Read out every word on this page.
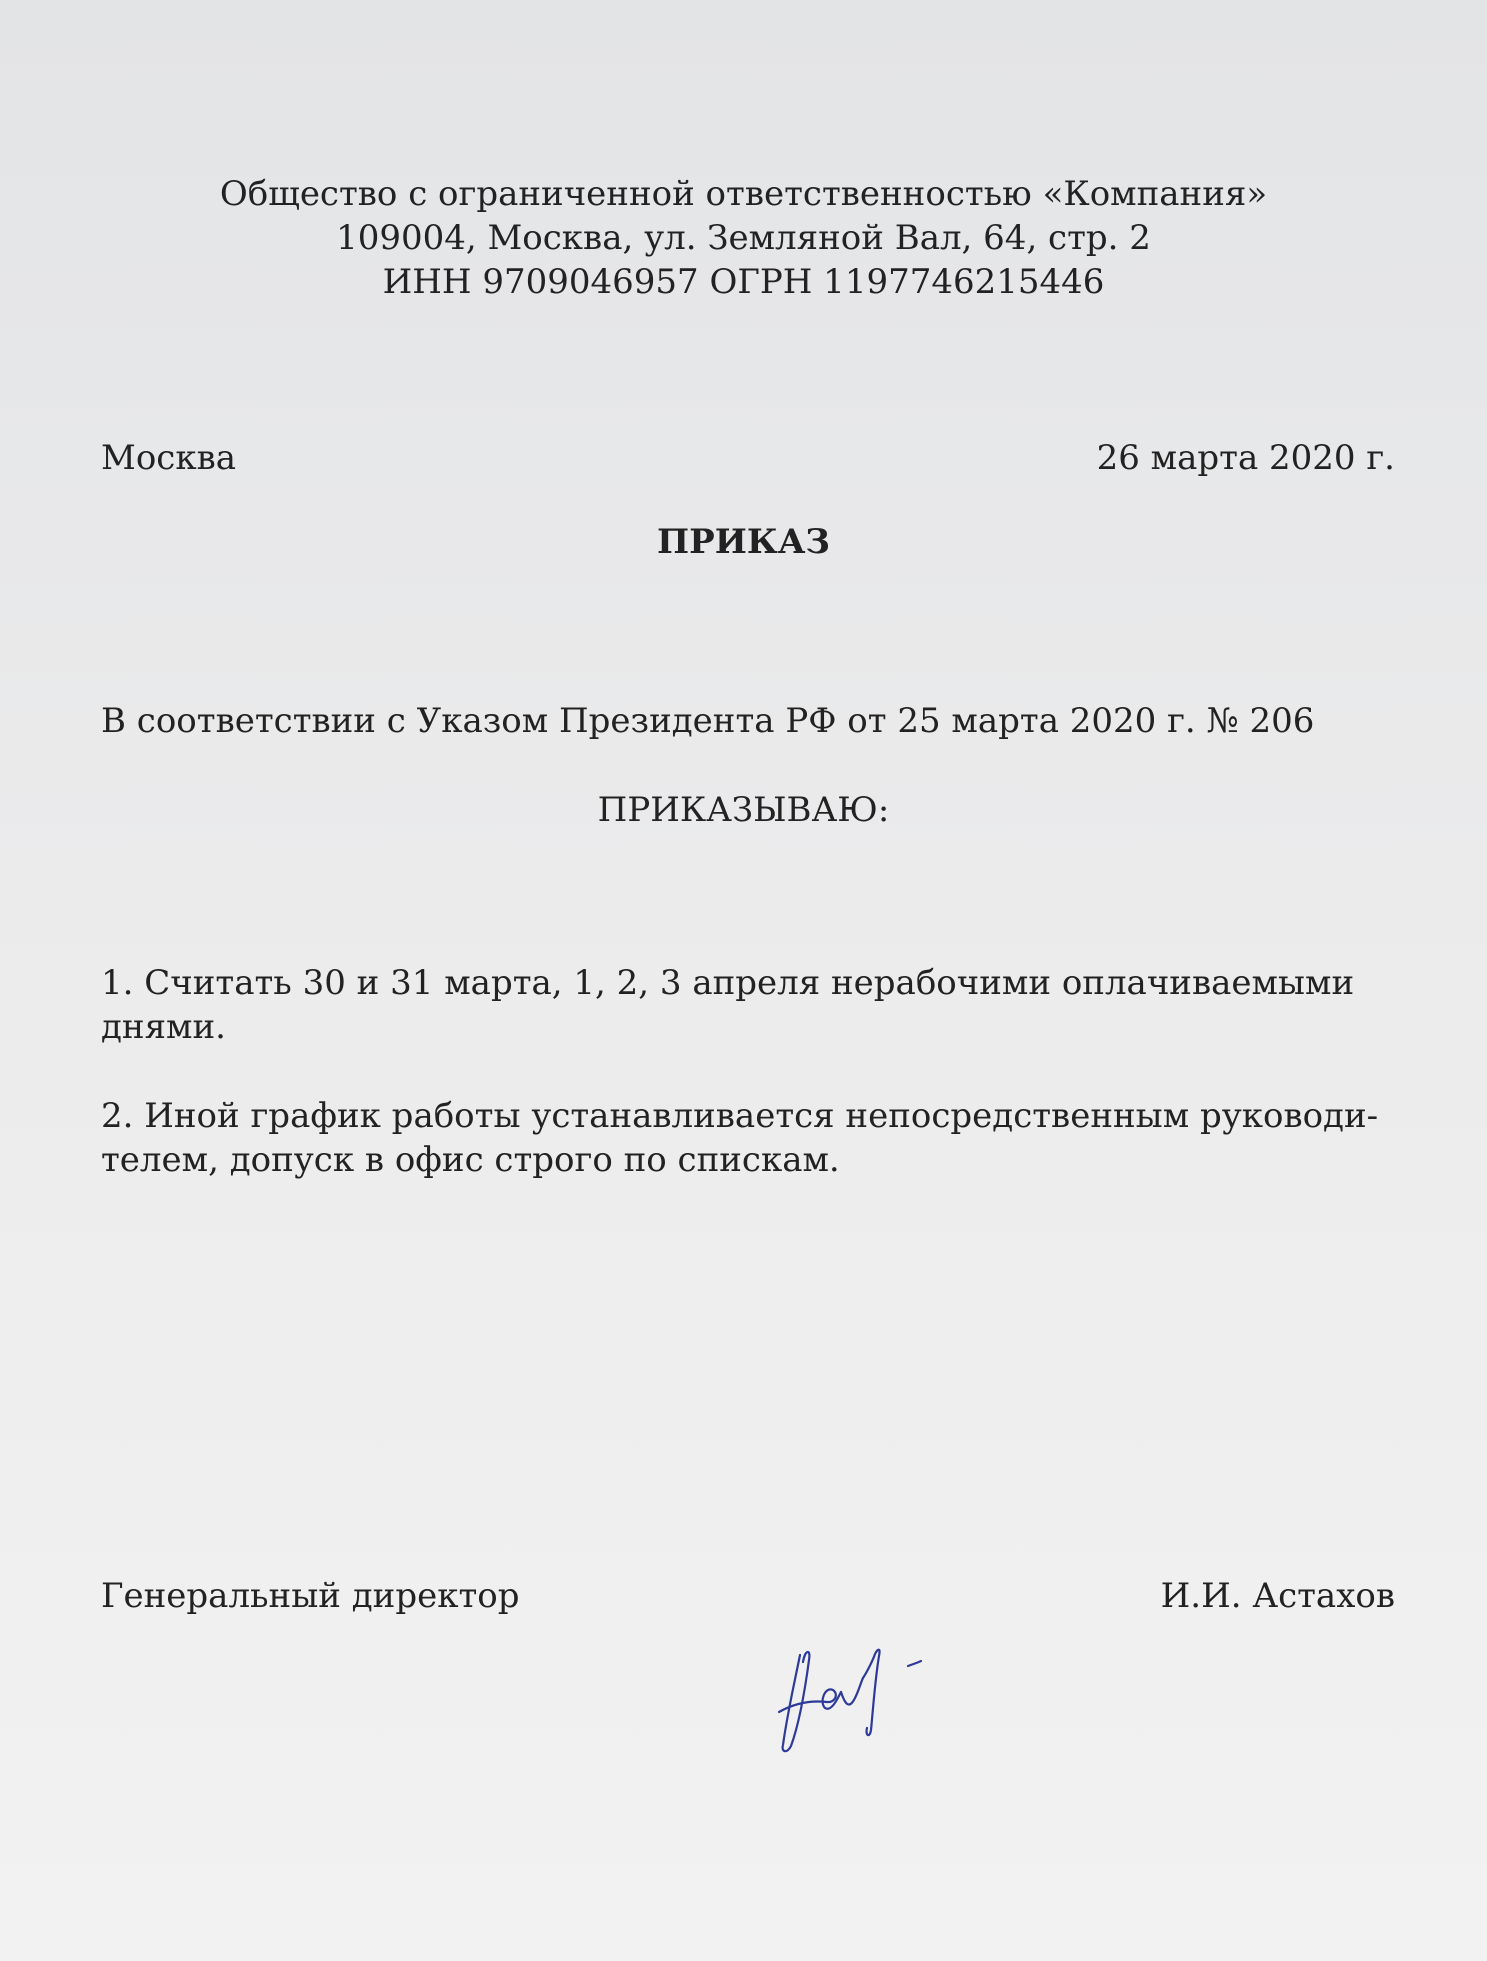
Общество с ограниченной ответственностью «Компания»
109004, Москва, ул. Земляной Вал, 64, стр. 2
ИНН 9709046957 ОГРН 1197746215446
Москва	26 марта 2020 г.
ПРИКАЗ
В соответствии с Указом Президента РФ от 25 марта 2020 г. № 206
ПРИКАЗЫВАЮ:
1. Считать 30 и 31 марта, 1, 2, 3 апреля нерабочими оплачиваемыми
днями.
2. Иной график работы устанавливается непосредственным руководи-
телем, допуск в офис строго по спискам.
Генеральный директор	И.И. Астахов
